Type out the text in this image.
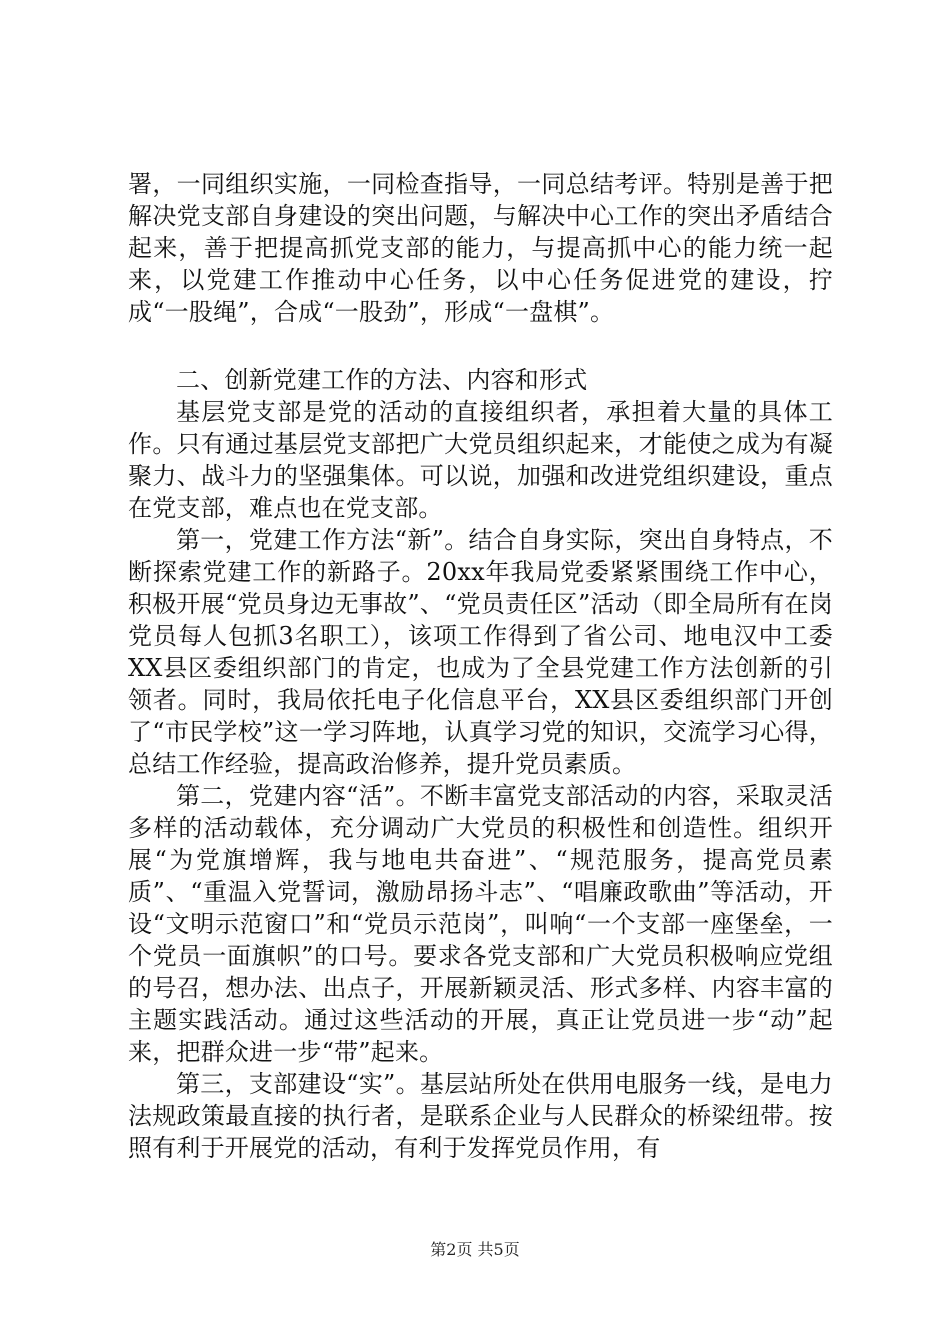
署，一同组织实施，一同检查指导，一同总结考评。特别是善于把解决党支部自身建设的突出问题，与解决中心工作的突出矛盾结合起来，善于把提高抓党支部的能力，与提高抓中心的能力统一起来，以党建工作推动中心任务，以中心任务促进党的建设，拧成“一股绳”，合成“一股劲”，形成“一盘棋”。

二、创新党建工作的方法、内容和形式

基层党支部是党的活动的直接组织者，承担着大量的具体工作。只有通过基层党支部把广大党员组织起来，才能使之成为有凝聚力、战斗力的坚强集体。可以说，加强和改进党组织建设，重点在党支部，难点也在党支部。

第一，党建工作方法“新”。结合自身实际，突出自身特点，不断探索党建工作的新路子。20xx年我局党委紧紧围绕工作中心，积极开展“党员身边无事故”、“党员责任区”活动（即全局所有在岗党员每人包抓3名职工），该项工作得到了省公司、地电汉中工委XX县区委组织部门的肯定，也成为了全县党建工作方法创新的引领者。同时，我局依托电子化信息平台，XX县区委组织部门开创了“市民学校”这一学习阵地，认真学习党的知识，交流学习心得，总结工作经验，提高政治修养，提升党员素质。

第二，党建内容“活”。不断丰富党支部活动的内容，采取灵活多样的活动载体，充分调动广大党员的积极性和创造性。组织开展“为党旗增辉，我与地电共奋进”、“规范服务，提高党员素质”、“重温入党誓词，激励昂扬斗志”、“唱廉政歌曲”等活动，开设“文明示范窗口”和“党员示范岗”，叫响“一个支部一座堡垒，一个党员一面旗帜”的口号。要求各党支部和广大党员积极响应党组的号召，想办法、出点子，开展新颖灵活、形式多样、内容丰富的主题实践活动。通过这些活动的开展，真正让党员进一步“动”起来，把群众进一步“带”起来。

第三，支部建设“实”。基层站所处在供用电服务一线，是电力法规政策最直接的执行者，是联系企业与人民群众的桥梁纽带。按照有利于开展党的活动，有利于发挥党员作用，有

第2页 共5页
